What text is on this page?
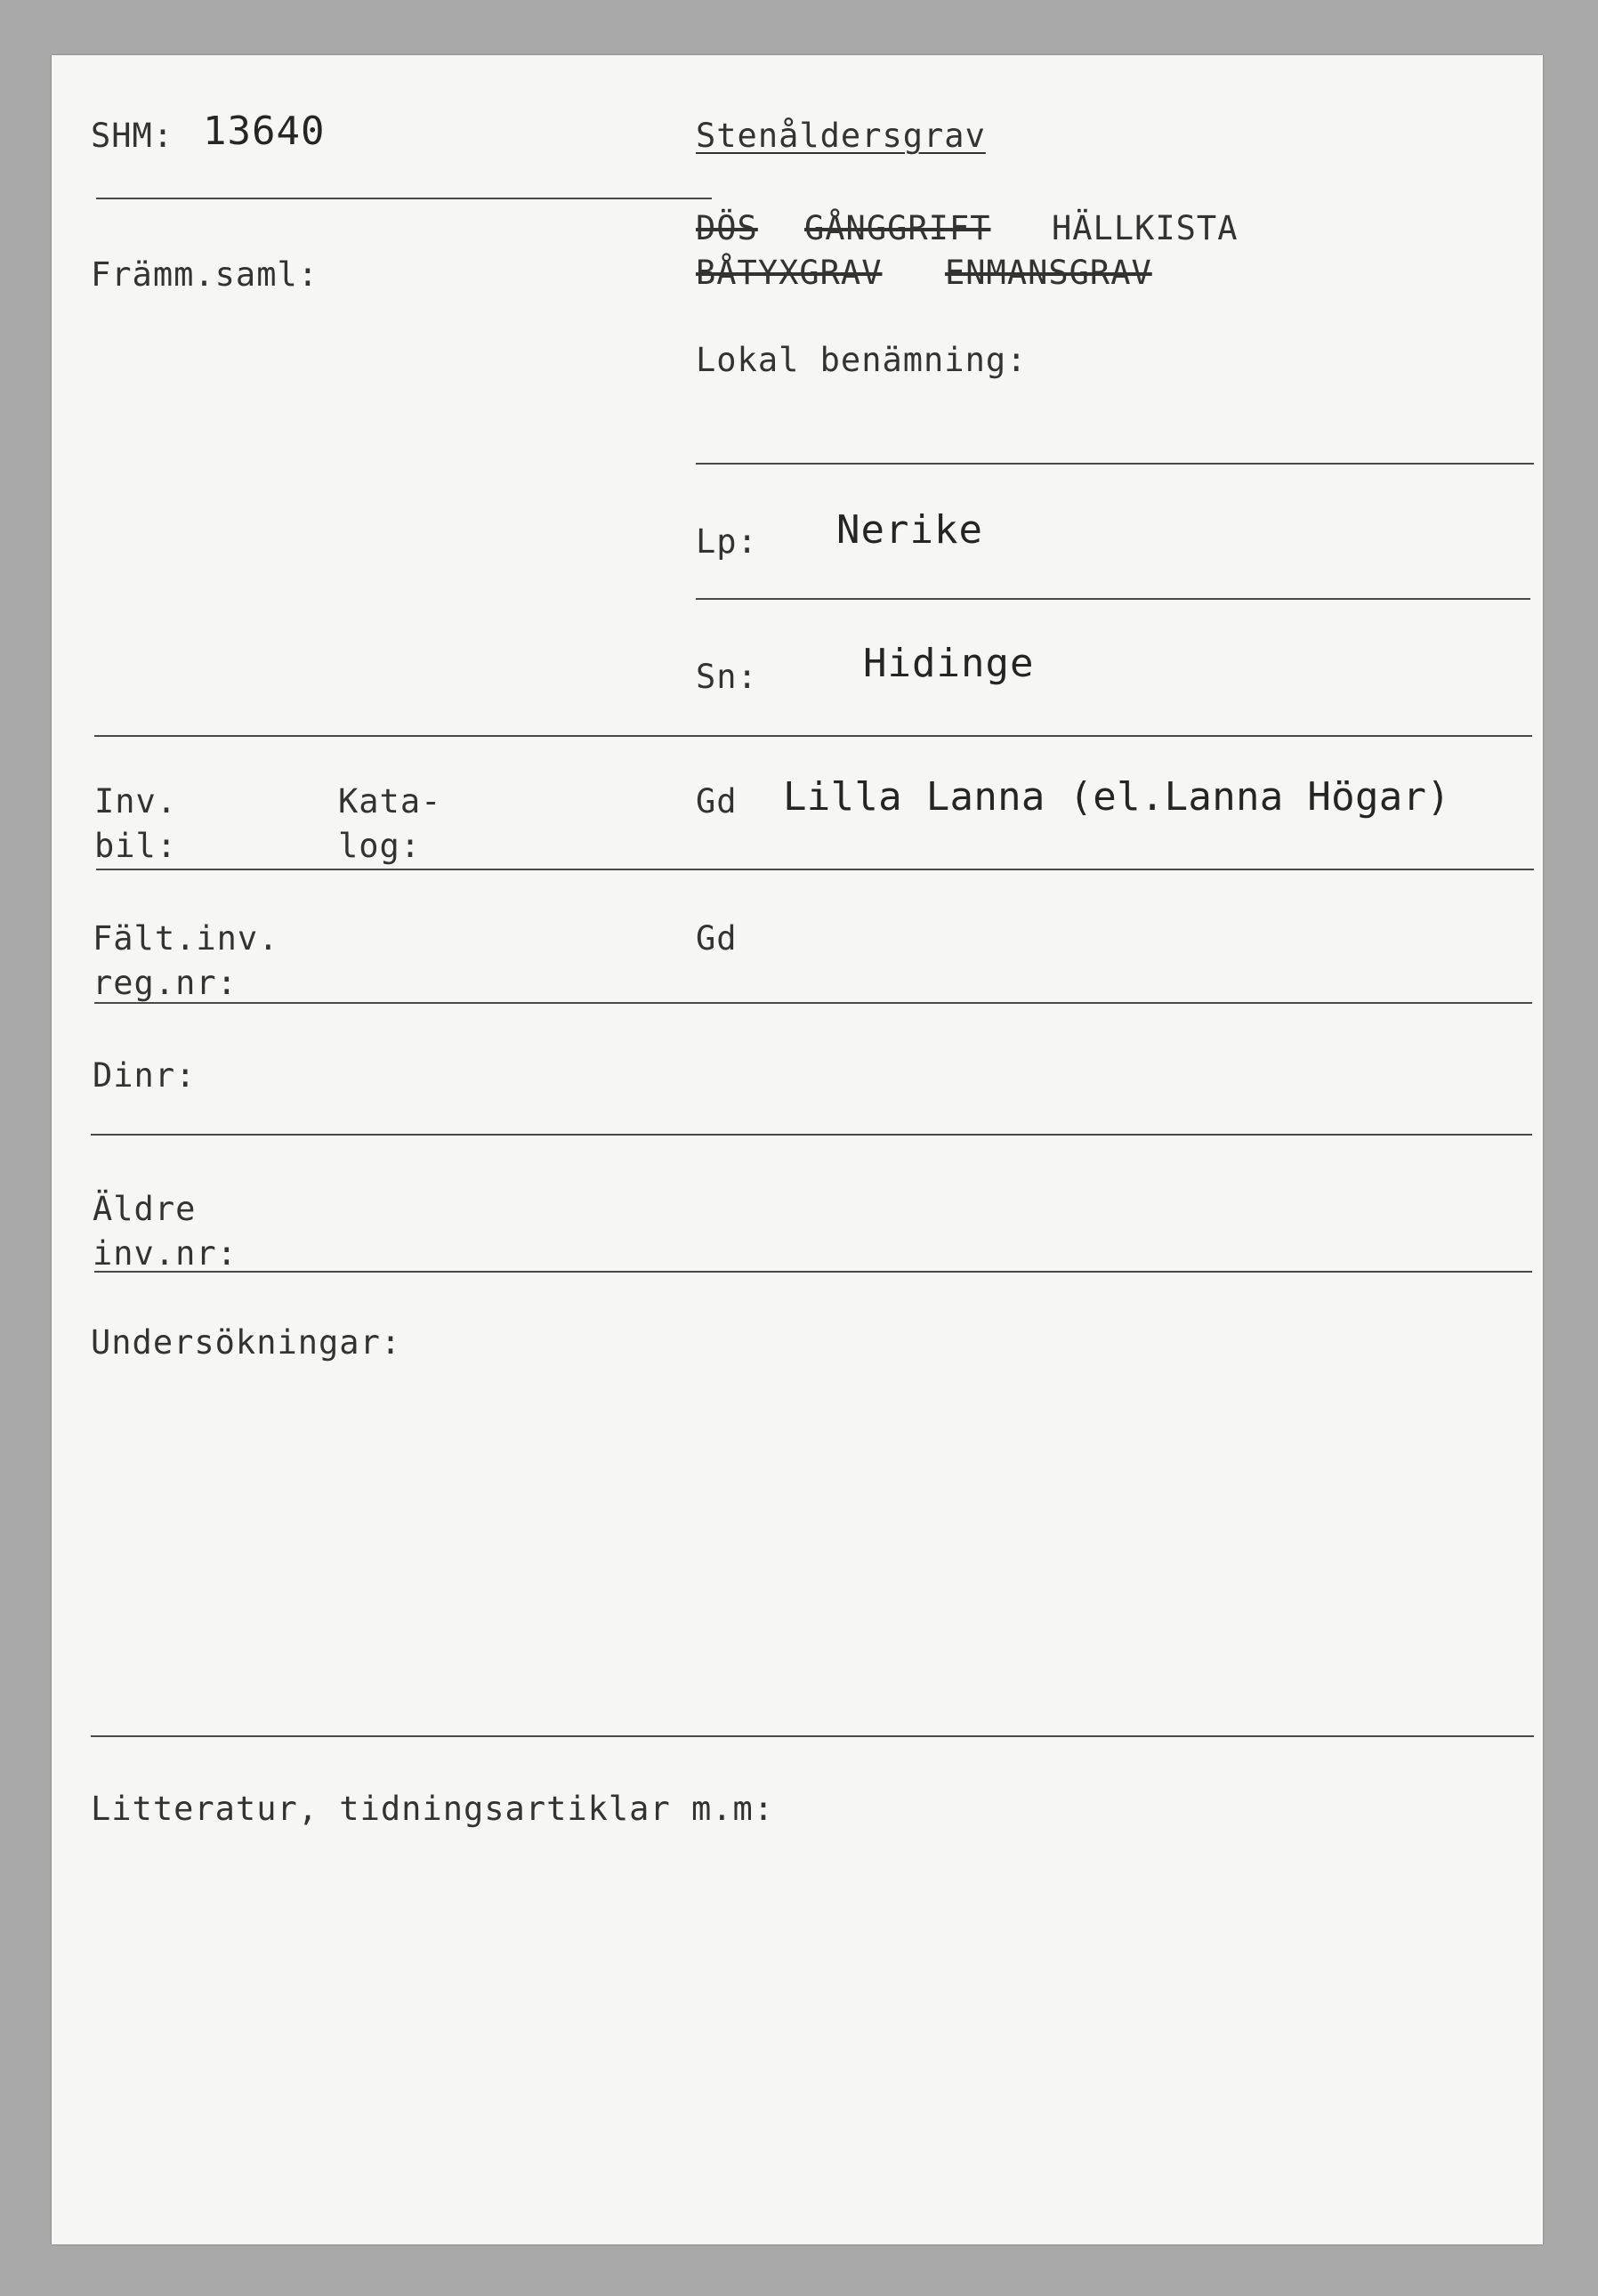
SHM: 13640
Främm.saml:
Stenåldersgrav
DÖS GÅNGGRIFT HÄLLKISTA
BÅTYXGRAV ENMANSGRAV
Lokal benämning:
Lp: Nerike
Sn:	Hidinge
Inv.
bil:
Kata-
log:
Gd Lilla Lanna (el.Lanna Högar)
Fält.inv.
reg.nr:
Gd
Dinr:
Äldre
inv.nr:
Undersökningar:
Litteratur, tidningsartiklar m.m:
